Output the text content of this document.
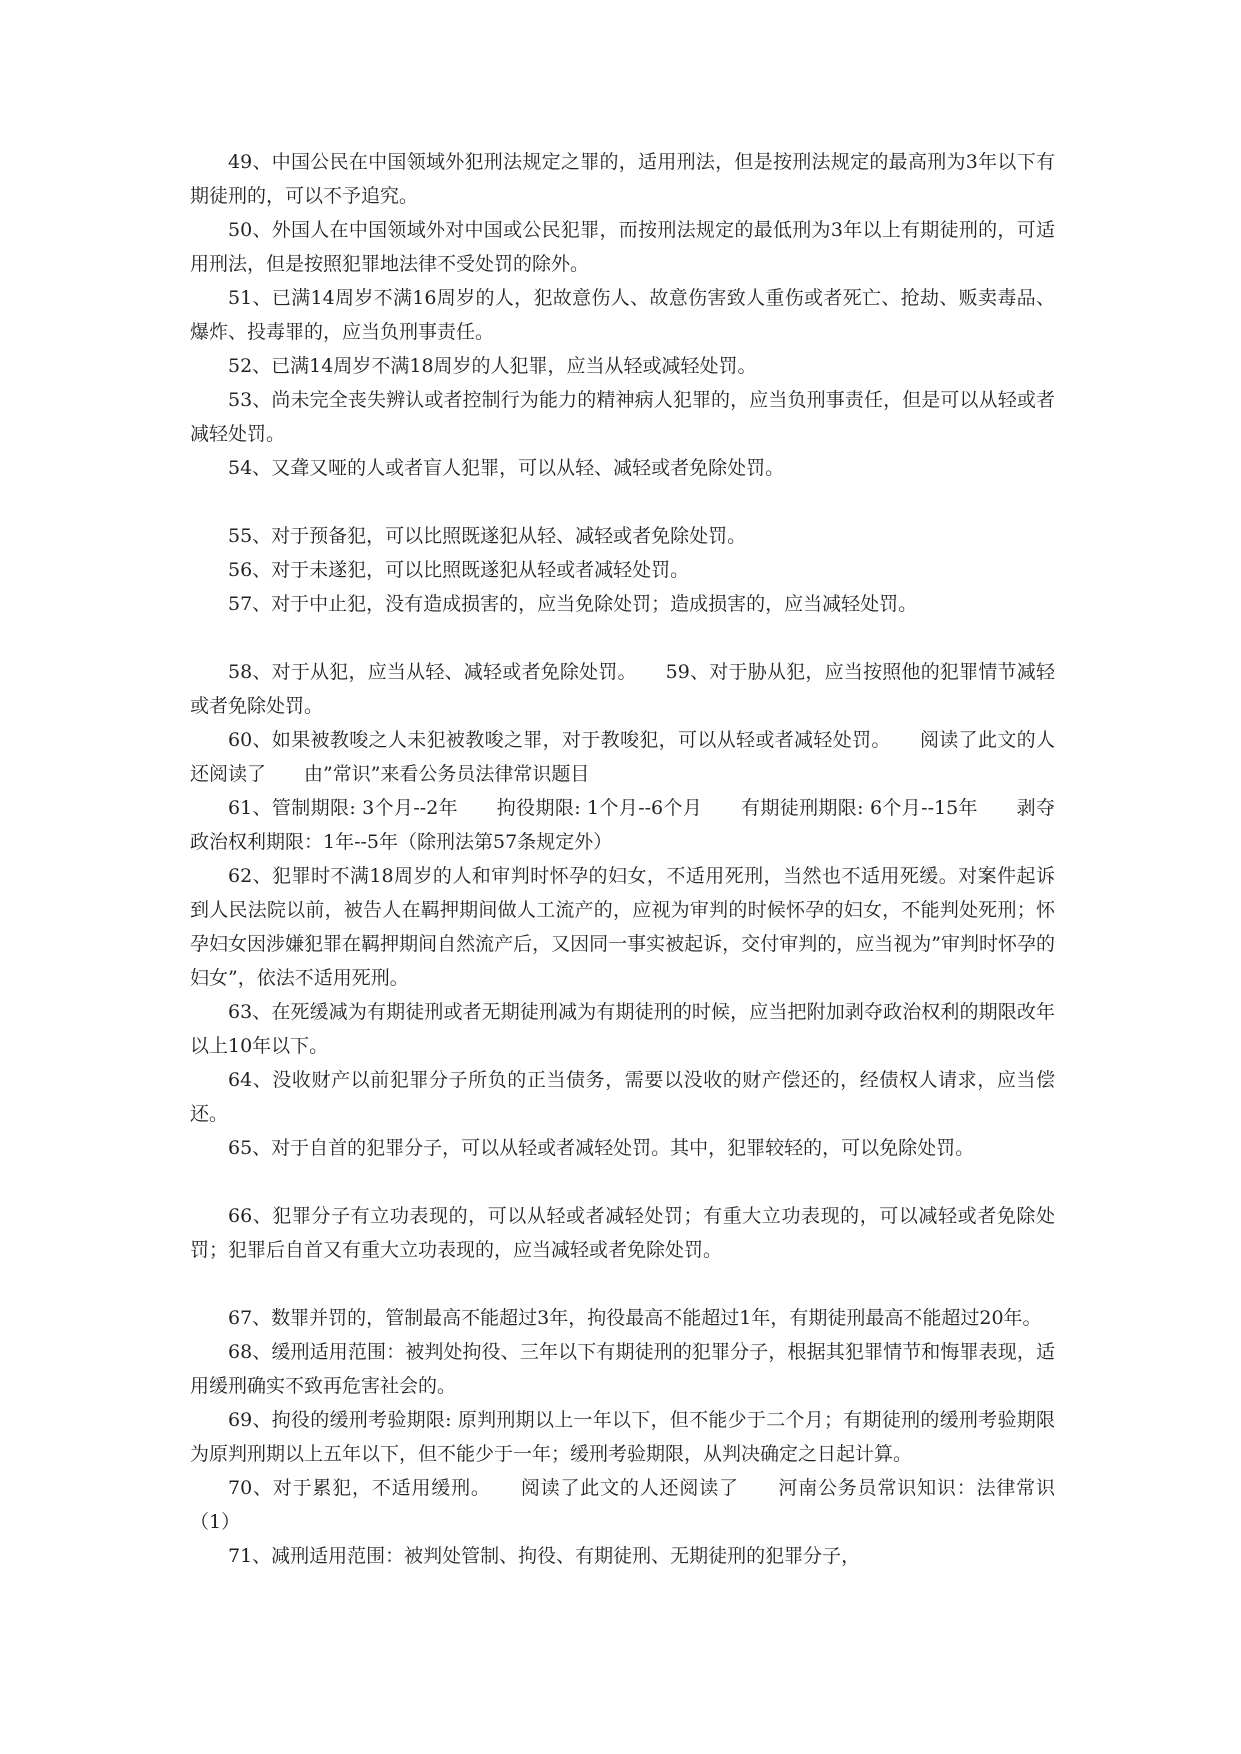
49、中国公民在中国领域外犯刑法规定之罪的，适用刑法，但是按刑法规定的最高刑为3年以下有期徒刑的，可以不予追究。

50、外国人在中国领域外对中国或公民犯罪，而按刑法规定的最低刑为3年以上有期徒刑的，可适用刑法，但是按照犯罪地法律不受处罚的除外。

51、已满14周岁不满16周岁的人，犯故意伤人、故意伤害致人重伤或者死亡、抢劫、贩卖毒品、爆炸、投毒罪的，应当负刑事责任。

52、已满14周岁不满18周岁的人犯罪，应当从轻或减轻处罚。

53、尚未完全丧失辨认或者控制行为能力的精神病人犯罪的，应当负刑事责任，但是可以从轻或者减轻处罚。

54、又聋又哑的人或者盲人犯罪，可以从轻、减轻或者免除处罚。

55、对于预备犯，可以比照既遂犯从轻、减轻或者免除处罚。

56、对于未遂犯，可以比照既遂犯从轻或者减轻处罚。

57、对于中止犯，没有造成损害的，应当免除处罚；造成损害的，应当减轻处罚。

58、对于从犯，应当从轻、减轻或者免除处罚。　　59、对于胁从犯，应当按照他的犯罪情节减轻或者免除处罚。

60、如果被教唆之人未犯被教唆之罪，对于教唆犯，可以从轻或者减轻处罚。　　阅读了此文的人还阅读了　　由”常识”来看公务员法律常识题目

61、管制期限: 3个月--2年　　拘役期限: 1个月--6个月　　有期徒刑期限: 6个月--15年　　剥夺政治权利期限：1年--5年（除刑法第57条规定外）

62、犯罪时不满18周岁的人和审判时怀孕的妇女，不适用死刑，当然也不适用死缓。对案件起诉到人民法院以前，被告人在羁押期间做人工流产的，应视为审判的时候怀孕的妇女，不能判处死刑；怀孕妇女因涉嫌犯罪在羁押期间自然流产后，又因同一事实被起诉，交付审判的，应当视为”审判时怀孕的妇女”，依法不适用死刑。

63、在死缓减为有期徒刑或者无期徒刑减为有期徒刑的时候，应当把附加剥夺政治权利的期限改年以上10年以下。

64、没收财产以前犯罪分子所负的正当债务，需要以没收的财产偿还的，经债权人请求，应当偿还。

65、对于自首的犯罪分子，可以从轻或者减轻处罚。其中，犯罪较轻的，可以免除处罚。

66、犯罪分子有立功表现的，可以从轻或者减轻处罚；有重大立功表现的，可以减轻或者免除处罚；犯罪后自首又有重大立功表现的，应当减轻或者免除处罚。

67、数罪并罚的，管制最高不能超过3年，拘役最高不能超过1年，有期徒刑最高不能超过20年。

68、缓刑适用范围：被判处拘役、三年以下有期徒刑的犯罪分子，根据其犯罪情节和悔罪表现，适用缓刑确实不致再危害社会的。

69、拘役的缓刑考验期限: 原判刑期以上一年以下，但不能少于二个月；有期徒刑的缓刑考验期限为原判刑期以上五年以下，但不能少于一年；缓刑考验期限，从判决确定之日起计算。

70、对于累犯，不适用缓刑。　　阅读了此文的人还阅读了　　河南公务员常识知识：法律常识（1）

71、减刑适用范围：被判处管制、拘役、有期徒刑、无期徒刑的犯罪分子，
